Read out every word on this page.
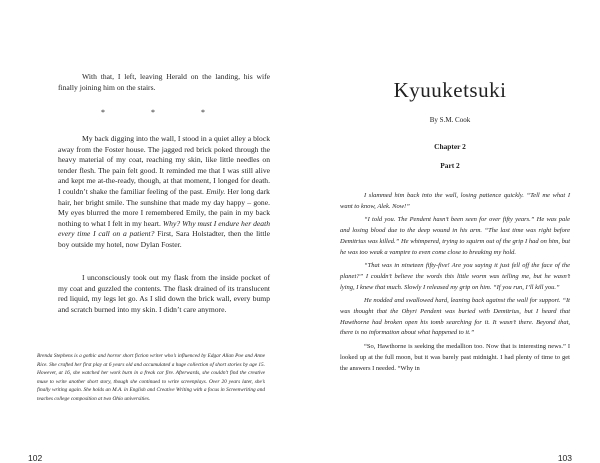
With that, I left, leaving Herald on the landing, his wife finally joining him on the stairs.

* * *

My back digging into the wall, I stood in a quiet alley a block away from the Foster house. The jagged red brick poked through the heavy material of my coat, reaching my skin, like little needles on tender flesh. The pain felt good. It reminded me that I was still alive and kept me at-the-ready, though, at that moment, I longed for death. I couldn’t shake the familiar feeling of the past. Emily. Her long dark hair, her bright smile. The sunshine that made my day happy – gone. My eyes blurred the more I remembered Emily, the pain in my back nothing to what I felt in my heart. Why? Why must I endure her death every time I call on a patient? First, Sara Holstadter, then the little boy outside my hotel, now Dylan Foster.

I unconsciously took out my flask from the inside pocket of my coat and guzzled the contents. The flask drained of its translucent red liquid, my legs let go. As I slid down the brick wall, every bump and scratch burned into my skin. I didn’t care anymore.

Brenda Stephens is a gothic and horror short fiction writer who’s influenced by Edgar Allan Poe and Anne Rice. She crafted her first play at 6 years old and accumulated a huge collection of short stories by age 15. However, at 16, she watched her work burn in a freak car fire. Afterwards, she couldn’t find the creative muse to write another short story, though she continued to write screenplays. Over 20 years later, she’s finally writing again. She holds an M.A. in English and Creative Writing with a focus in Screenwriting and teaches college composition at two Ohio universities.
102
Kyuuketsuki
By S.M. Cook
Chapter 2
Part 2

I slammed him back into the wall, losing patience quickly. “Tell me what I want to know, Alek. Now!”

“I told you. The Pendent hasn’t been seen for over fifty years.” He was pale and losing blood due to the deep wound in his arm. “The last time was right before Demitrius was killed.” He whimpered, trying to squirm out of the grip I had on him, but he was too weak a vampire to even come close to breaking my hold.

“That was in nineteen fifty-five! Are you saying it just fell off the face of the planet?” I couldn’t believe the words this little worm was telling me, but he wasn’t lying, I knew that much. Slowly I released my grip on him. “If you run, I’ll kill you.”

He nodded and swallowed hard, leaning back against the wall for support. “It was thought that the Obyri Pendent was buried with Demitrius, but I heard that Hawthorne had broken open his tomb searching for it. It wasn’t there. Beyond that, there is no information about what happened to it.”

“So, Hawthorne is seeking the medallion too. Now that is interesting news.” I looked up at the full moon, but it was barely past midnight. I had plenty of time to get the answers I needed. “Why in

103
